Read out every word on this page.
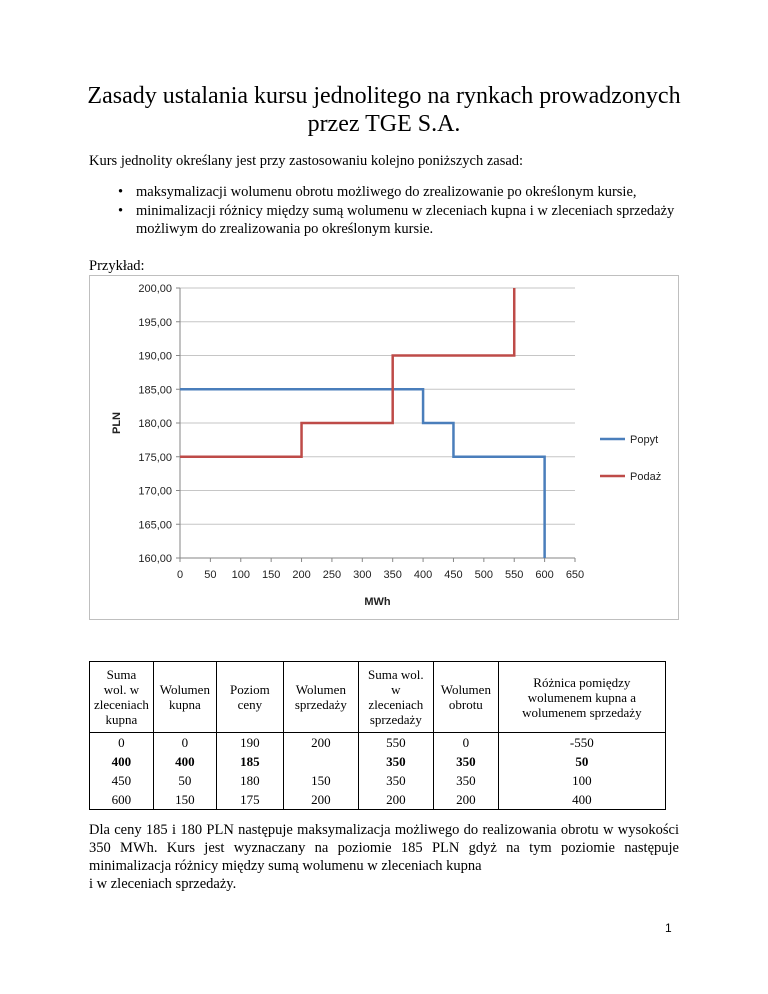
Zasady ustalania kursu jednolitego na rynkach prowadzonych
przez TGE S.A.
Kurs jednolity określany jest przy zastosowaniu kolejno poniższych zasad:
• maksymalizacji wolumenu obrotu możliwego do zrealizowanie po określonym kursie,
• minimalizacji różnicy między sumą wolumenu w zleceniach kupna i w zleceniach sprzedaży możliwym do zrealizowania po określonym kursie.
Przykład:
160,00
165,00
170,00
175,00
180,00
185,00
190,00
195,00
200,00
0 50 100 150 200 250 300 350 400 450 500 550 600 650
MWh
PLN
Popyt
Podaż
Suma wol. w zleceniach kupna	Wolumen kupna	Poziom ceny	Wolumen sprzedaży	Suma wol. w zleceniach sprzedaży	Wolumen obrotu	Różnica pomiędzy wolumenem kupna a wolumenem sprzedaży
0	0	190	200	550	0	-550
400	400	185		350	350	50
450	50	180	150	350	350	100
600	150	175	200	200	200	400
Dla ceny 185 i 180 PLN następuje maksymalizacja możliwego do realizowania obrotu w wysokości 350 MWh. Kurs jest wyznaczany na poziomie 185 PLN gdyż na tym poziomie następuje minimalizacja różnicy między sumą wolumenu w zleceniach kupna
i w zleceniach sprzedaży.
1
